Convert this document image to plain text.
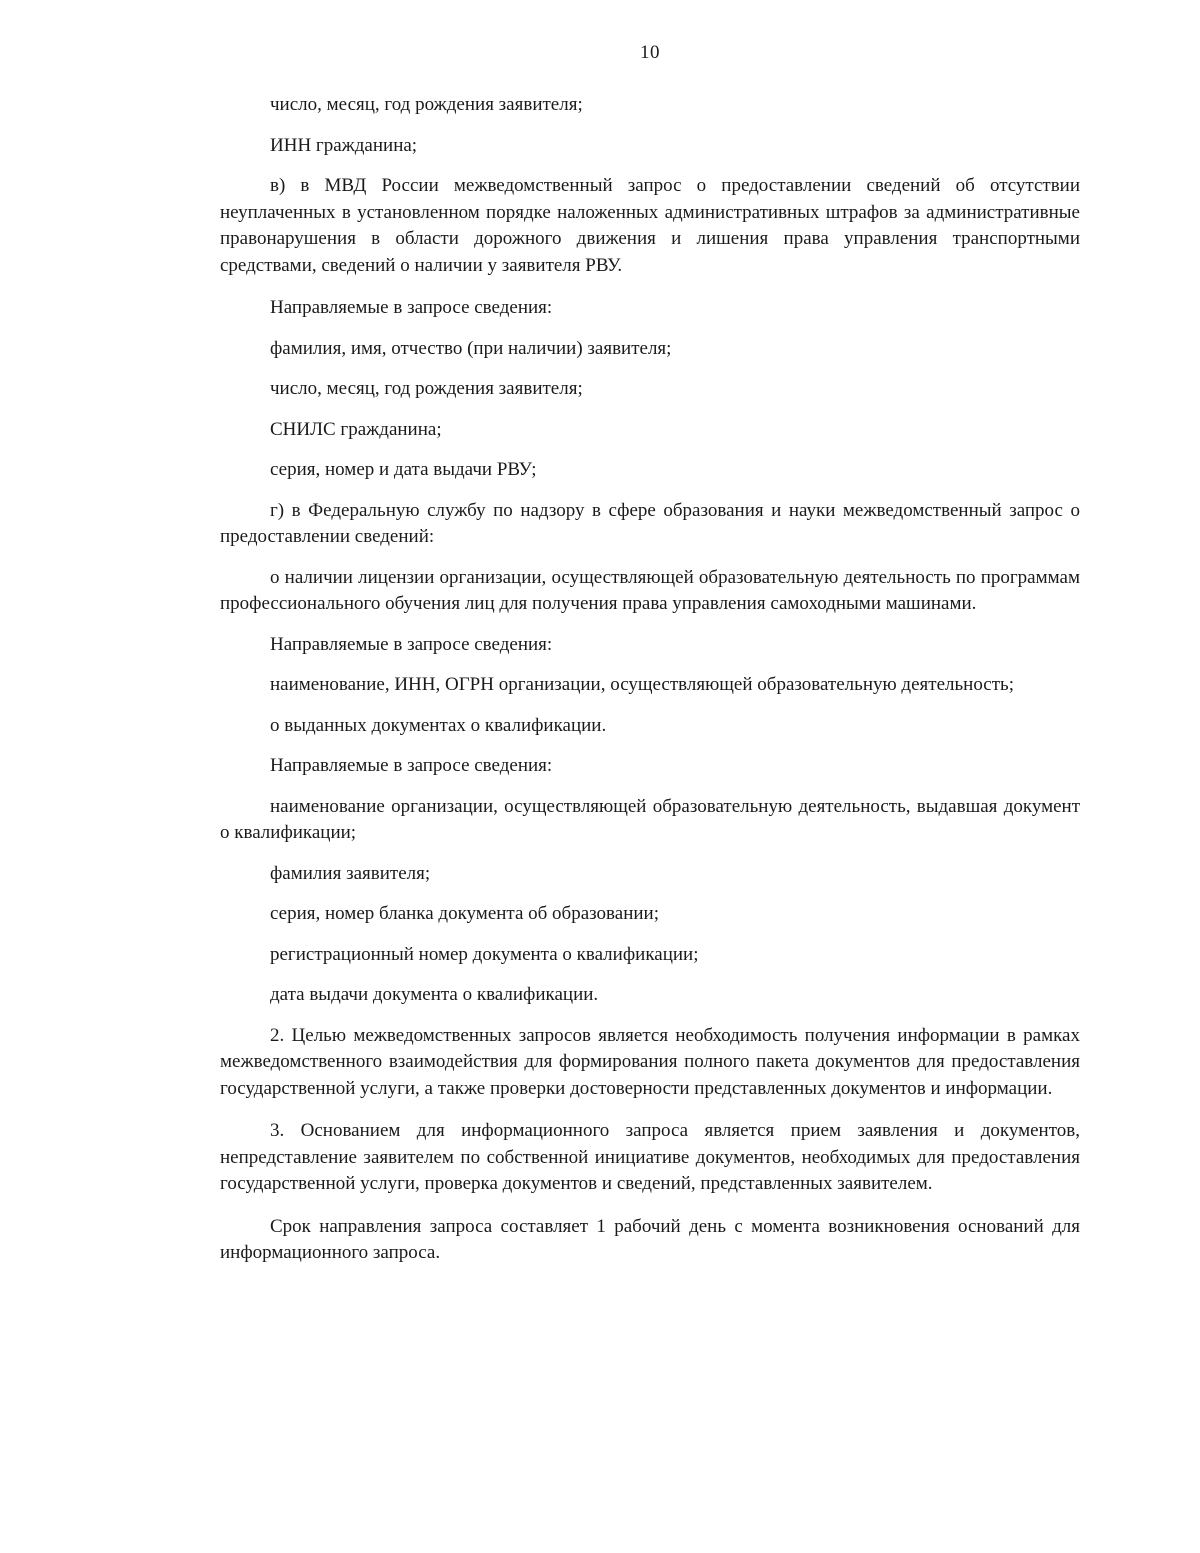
10

число, месяц, год рождения заявителя;

ИНН гражданина;

в) в МВД России межведомственный запрос о предоставлении сведений об отсутствии неуплаченных в установленном порядке наложенных административных штрафов за административные правонарушения в области дорожного движения и лишения права управления транспортными средствами, сведений о наличии у заявителя РВУ.

Направляемые в запросе сведения:

фамилия, имя, отчество (при наличии) заявителя;

число, месяц, год рождения заявителя;

СНИЛС гражданина;

серия, номер и дата выдачи РВУ;

г) в Федеральную службу по надзору в сфере образования и науки межведомственный запрос о предоставлении сведений:

о наличии лицензии организации, осуществляющей образовательную деятельность по программам профессионального обучения лиц для получения права управления самоходными машинами.

Направляемые в запросе сведения:

наименование, ИНН, ОГРН организации, осуществляющей образовательную деятельность;

о выданных документах о квалификации.

Направляемые в запросе сведения:

наименование организации, осуществляющей образовательную деятельность, выдавшая документ о квалификации;

фамилия заявителя;

серия, номер бланка документа об образовании;

регистрационный номер документа о квалификации;

дата выдачи документа о квалификации.

2. Целью межведомственных запросов является необходимость получения информации в рамках межведомственного взаимодействия для формирования полного пакета документов для предоставления государственной услуги, а также проверки достоверности представленных документов и информации.

3. Основанием для информационного запроса является прием заявления и документов, непредставление заявителем по собственной инициативе документов, необходимых для предоставления государственной услуги, проверка документов и сведений, представленных заявителем.

Срок направления запроса составляет 1 рабочий день с момента возникновения оснований для информационного запроса.
